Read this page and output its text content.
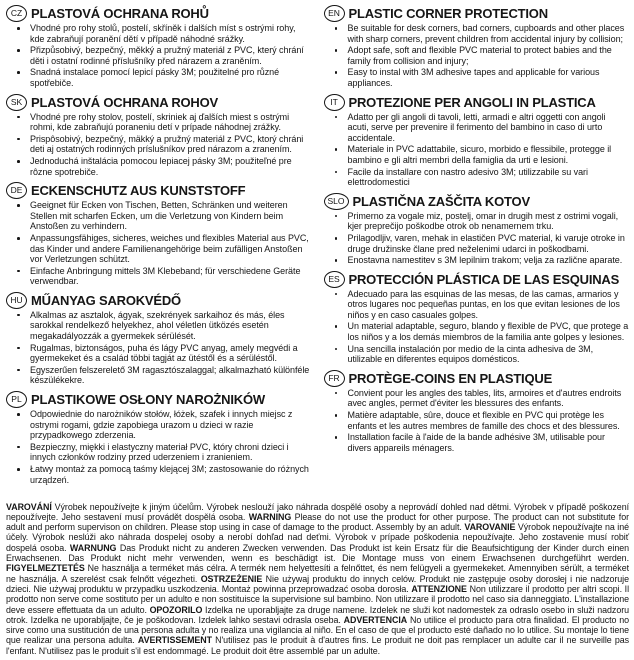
CZ PLASTOVÁ OCHRANA ROHŮ
Vhodné pro rohy stolů, postelí, skříněk i dalších míst s ostrými rohy, kde zabraňují poranění dětí v případě náhodné srážky.
Přizpůsobivý, bezpečný, měkký a pružný materiál z PVC, který chrání děti i ostatní rodinné příslušníky před nárazem a zraněním.
Snadná instalace pomocí lepicí pásky 3M; použitelné pro různé spotřebiče.
SK PLASTOVÁ OCHRANA ROHOV
Vhodné pre rohy stolov, postelí, skriniek aj ďalších miest s ostrými rohmi, kde zabraňujú poraneniu detí v prípade náhodnej zrážky.
Prispôsobivý, bezpečný, mäkký a pružný materiál z PVC, ktorý chráni deti aj ostatných rodinných príslušníkov pred nárazom a zranením.
Jednoduchá inštalácia pomocou lepiacej pásky 3M; použiteľné pre rôzne spotrebiče.
DE ECKENSCHUTZ AUS KUNSTSTOFF
Geeignet für Ecken von Tischen, Betten, Schränken und weiteren Stellen mit scharfen Ecken, um die Verletzung von Kindern beim Anstoßen zu verhindern.
Anpassungsfähiges, sicheres, weiches und flexibles Material aus PVC, das Kinder und andere Familienangehörige beim zufälligen Anstoßen vor Verletzungen schützt.
Einfache Anbringung mittels 3M Klebeband; für verschiedene Geräte verwendbar.
HU MŰANYAG SAROKVÉDŐ
Alkalmas az asztalok, ágyak, szekrények sarkaihoz és más, éles sarokkal rendelkező helyekhez, ahol véletlen ütközés esetén megakadályozzák a gyermekek sérülését.
Rugalmas, biztonságos, puha és lágy PVC anyag, amely megvédi a gyermekeket és a család többi tagját az ütéstől és a sérüléstől.
Egyszerűen felszerelető 3M ragasztószalaggal; alkalmazható különféle készülékekre.
PL PLASTIKOWE OSŁONY NAROŻNIKÓW
Odpowiednie do narożników stołów, łóżek, szafek i innych miejsc z ostrymi rogami, gdzie zapobiega urazom u dzieci w razie przypadkowego zderzenia.
Bezpieczny, miękki i elastyczny materiał PVC, który chroni dzieci i innych członków rodziny przed uderzeniem i zranieniem.
Łatwy montaż za pomocą taśmy klejącej 3M; zastosowanie do różnych urządzeń.
EN PLASTIC CORNER PROTECTION
Be suitable for desk corners, bad corners, cupboards and other places with sharp corners, prevent children from accidental injury by collision;
Adopt safe, soft and flexible PVC material to protect babies and the family from collision and injury;
Easy to instal with 3M adhesive tapes and applicable for various appliances.
IT PROTEZIONE PER ANGOLI IN PLASTICA
Adatto per gli angoli di tavoli, letti, armadi e altri oggetti con angoli acuti, serve per prevenire il ferimento del bambino in caso di urto accidentale.
Materiale in PVC adattabile, sicuro, morbido e flessibile, protegge il bambino e gli altri membri della famiglia da urti e lesioni.
Facile da installare con nastro adesivo 3M; utilizzabile su vari elettrodomestici
SLO PLASTIČNA ZAŠČITA KOTOV
Primerno za vogale miz, postelj, omar in drugih mest z ostrimi vogali, kjer preprečijo poškodbe otrok ob nenamernem trku.
Prilagodljiv, varen, mehak in elastičen PVC material, ki varuje otroke in druge družinske člane pred neželenimi udarci in poškodbami.
Enostavna namestitev s 3M lepilnim trakom; velja za različne aparate.
ES PROTECCIÓN PLÁSTICA DE LAS ESQUINAS
Adecuado para las esquinas de las mesas, de las camas, armarios y otros lugares noc pequeñas puntas, en los que evitan lesiones de los niños y en caso casuales golpes.
Un material adaptable, seguro, blando y flexible de PVC, que protege a los niños y a los demás miembros de la familia ante golpes y lesiones.
Una sencilla instalación por medio de la cinta adhesiva de 3M, utilizable en diferentes equipos domésticos.
FR PROTÈGE-COINS EN PLASTIQUE
Convient pour les angles des tables, lits, armoires et d'autres endroits avec angles, permet d'éviter les blessures des enfants.
Matière adaptable, sûre, douce et flexible en PVC qui protège les enfants et les autres membres de famille des chocs et des blessures.
Installation facile à l'aide de la bande adhésive 3M, utilisable pour divers appareils ménagers.

VAROVÁNÍ Výrobek nepoužívejte k jiným účelům. Výrobek neslouží jako náhrada dospělé osoby a neprovádí dohled nad dětmi. Výrobek v případě poškození nepoužívejte. Jeho sestavení musí provádět dospělá osoba. WARNING Please do not use the product for other purpose. The product can not substitute for adult and perform supervison on children. Please stop using in case of damage to the product. Assembly by an adult. VAROVANIE Výrobok nepoužívajte na iné účely. Výrobok neslúži ako náhrada dospelej osoby a nerobí dohľad nad deťmi. Výrobok v prípade poškodenia nepoužívajte. Jeho zostavenie musí robiť dospelá osoba. WARNUNG Das Produkt nicht zu anderen Zwecken verwenden. Das Produkt ist kein Ersatz für die Beaufsichtigung der Kinder durch einen Erwachsenen. Das Produkt nicht mehr verwenden, wenn es beschädigt ist. Die Montage muss von einem Erwachsenen durchgeführt werden. FIGYELMEZTETÉS Ne használja a terméket más célra. A termék nem helyettesíti a felnőttet, és nem felügyeli a gyermekeket. Amennyiben sérült, a terméket ne használja. A szerelést csak felnőtt végezheti. OSTRZEŻENIE Nie używaj produktu do innych celów. Produkt nie zastępuje osoby dorosłej i nie nadzoruje dzieci. Nie używaj produktu w przypadku uszkodzenia. Montaż powinna przeprowadzać osoba dorosła. ATTENZIONE Non utilizzare il prodotto per altri scopi. Il prodotto non serve come sostituto per un adulto e non sostituisce la supervisione sul bambino. Non utilizzare il prodotto nel caso sia danneggiato. L'installazione deve essere effettuata da un adulto. OPOZORILO Izdelka ne uporabljajte za druge namene. Izdelek ne služi kot nadomestek za odraslo osebo in služi nadzoru otrok. Izdelka ne uporabljajte, če je poškodovan. Izdelek lahko sestavi odrasla oseba. ADVERTENCIA No utilice el producto para otra finalidad. El producto no sirve como una sustitución de una persona adulta y no realiza una vigilancia al niño. En el caso de que el producto esté dañado no lo utilice. Su montaje lo tiene que realizar una persona adulta. AVERTISSEMENT N'utilisez pas le produit à d'autres fins. Le produit ne doit pas remplacer un adulte car il ne surveille pas l'enfant. N'utilisez pas le produit s'il est endommagé. Le produit doit être assemblé par un adulte.
